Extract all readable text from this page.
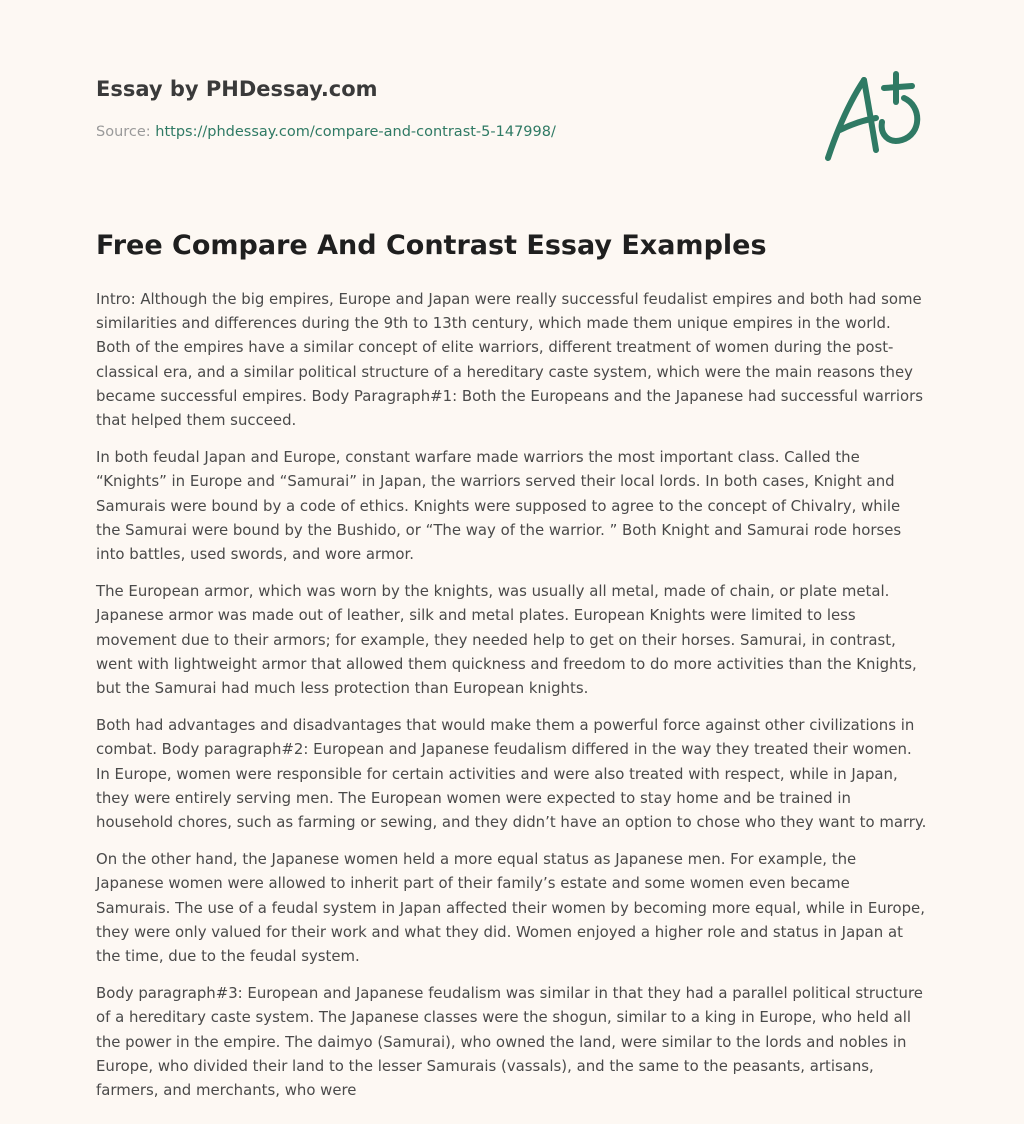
Essay by PHDessay.com
Source: https://phdessay.com/compare-and-contrast-5-147998/
Free Compare And Contrast Essay Examples

Intro: Although the big empires, Europe and Japan were really successful feudalist empires and both had some similarities and differences during the 9th to 13th century, which made them unique empires in the world. Both of the empires have a similar concept of elite warriors, different treatment of women during the post-classical era, and a similar political structure of a hereditary caste system, which were the main reasons they became successful empires. Body Paragraph#1: Both the Europeans and the Japanese had successful warriors that helped them succeed.

In both feudal Japan and Europe, constant warfare made warriors the most important class. Called the “Knights” in Europe and “Samurai” in Japan, the warriors served their local lords. In both cases, Knight and Samurais were bound by a code of ethics. Knights were supposed to agree to the concept of Chivalry, while the Samurai were bound by the Bushido, or “The way of the warrior. ” Both Knight and Samurai rode horses into battles, used swords, and wore armor.

The European armor, which was worn by the knights, was usually all metal, made of chain, or plate metal. Japanese armor was made out of leather, silk and metal plates. European Knights were limited to less movement due to their armors; for example, they needed help to get on their horses. Samurai, in contrast, went with lightweight armor that allowed them quickness and freedom to do more activities than the Knights, but the Samurai had much less protection than European knights.

Both had advantages and disadvantages that would make them a powerful force against other civilizations in combat. Body paragraph#2: European and Japanese feudalism differed in the way they treated their women. In Europe, women were responsible for certain activities and were also treated with respect, while in Japan, they were entirely serving men. The European women were expected to stay home and be trained in household chores, such as farming or sewing, and they didn’t have an option to chose who they want to marry.

On the other hand, the Japanese women held a more equal status as Japanese men. For example, the Japanese women were allowed to inherit part of their family’s estate and some women even became Samurais. The use of a feudal system in Japan affected their women by becoming more equal, while in Europe, they were only valued for their work and what they did. Women enjoyed a higher role and status in Japan at the time, due to the feudal system.

Body paragraph#3: European and Japanese feudalism was similar in that they had a parallel political structure of a hereditary caste system. The Japanese classes were the shogun, similar to a king in Europe, who held all the power in the empire. The daimyo (Samurai), who owned the land, were similar to the lords and nobles in Europe, who divided their land to the lesser Samurais (vassals), and the same to the peasants, artisans, farmers, and merchants, who were
